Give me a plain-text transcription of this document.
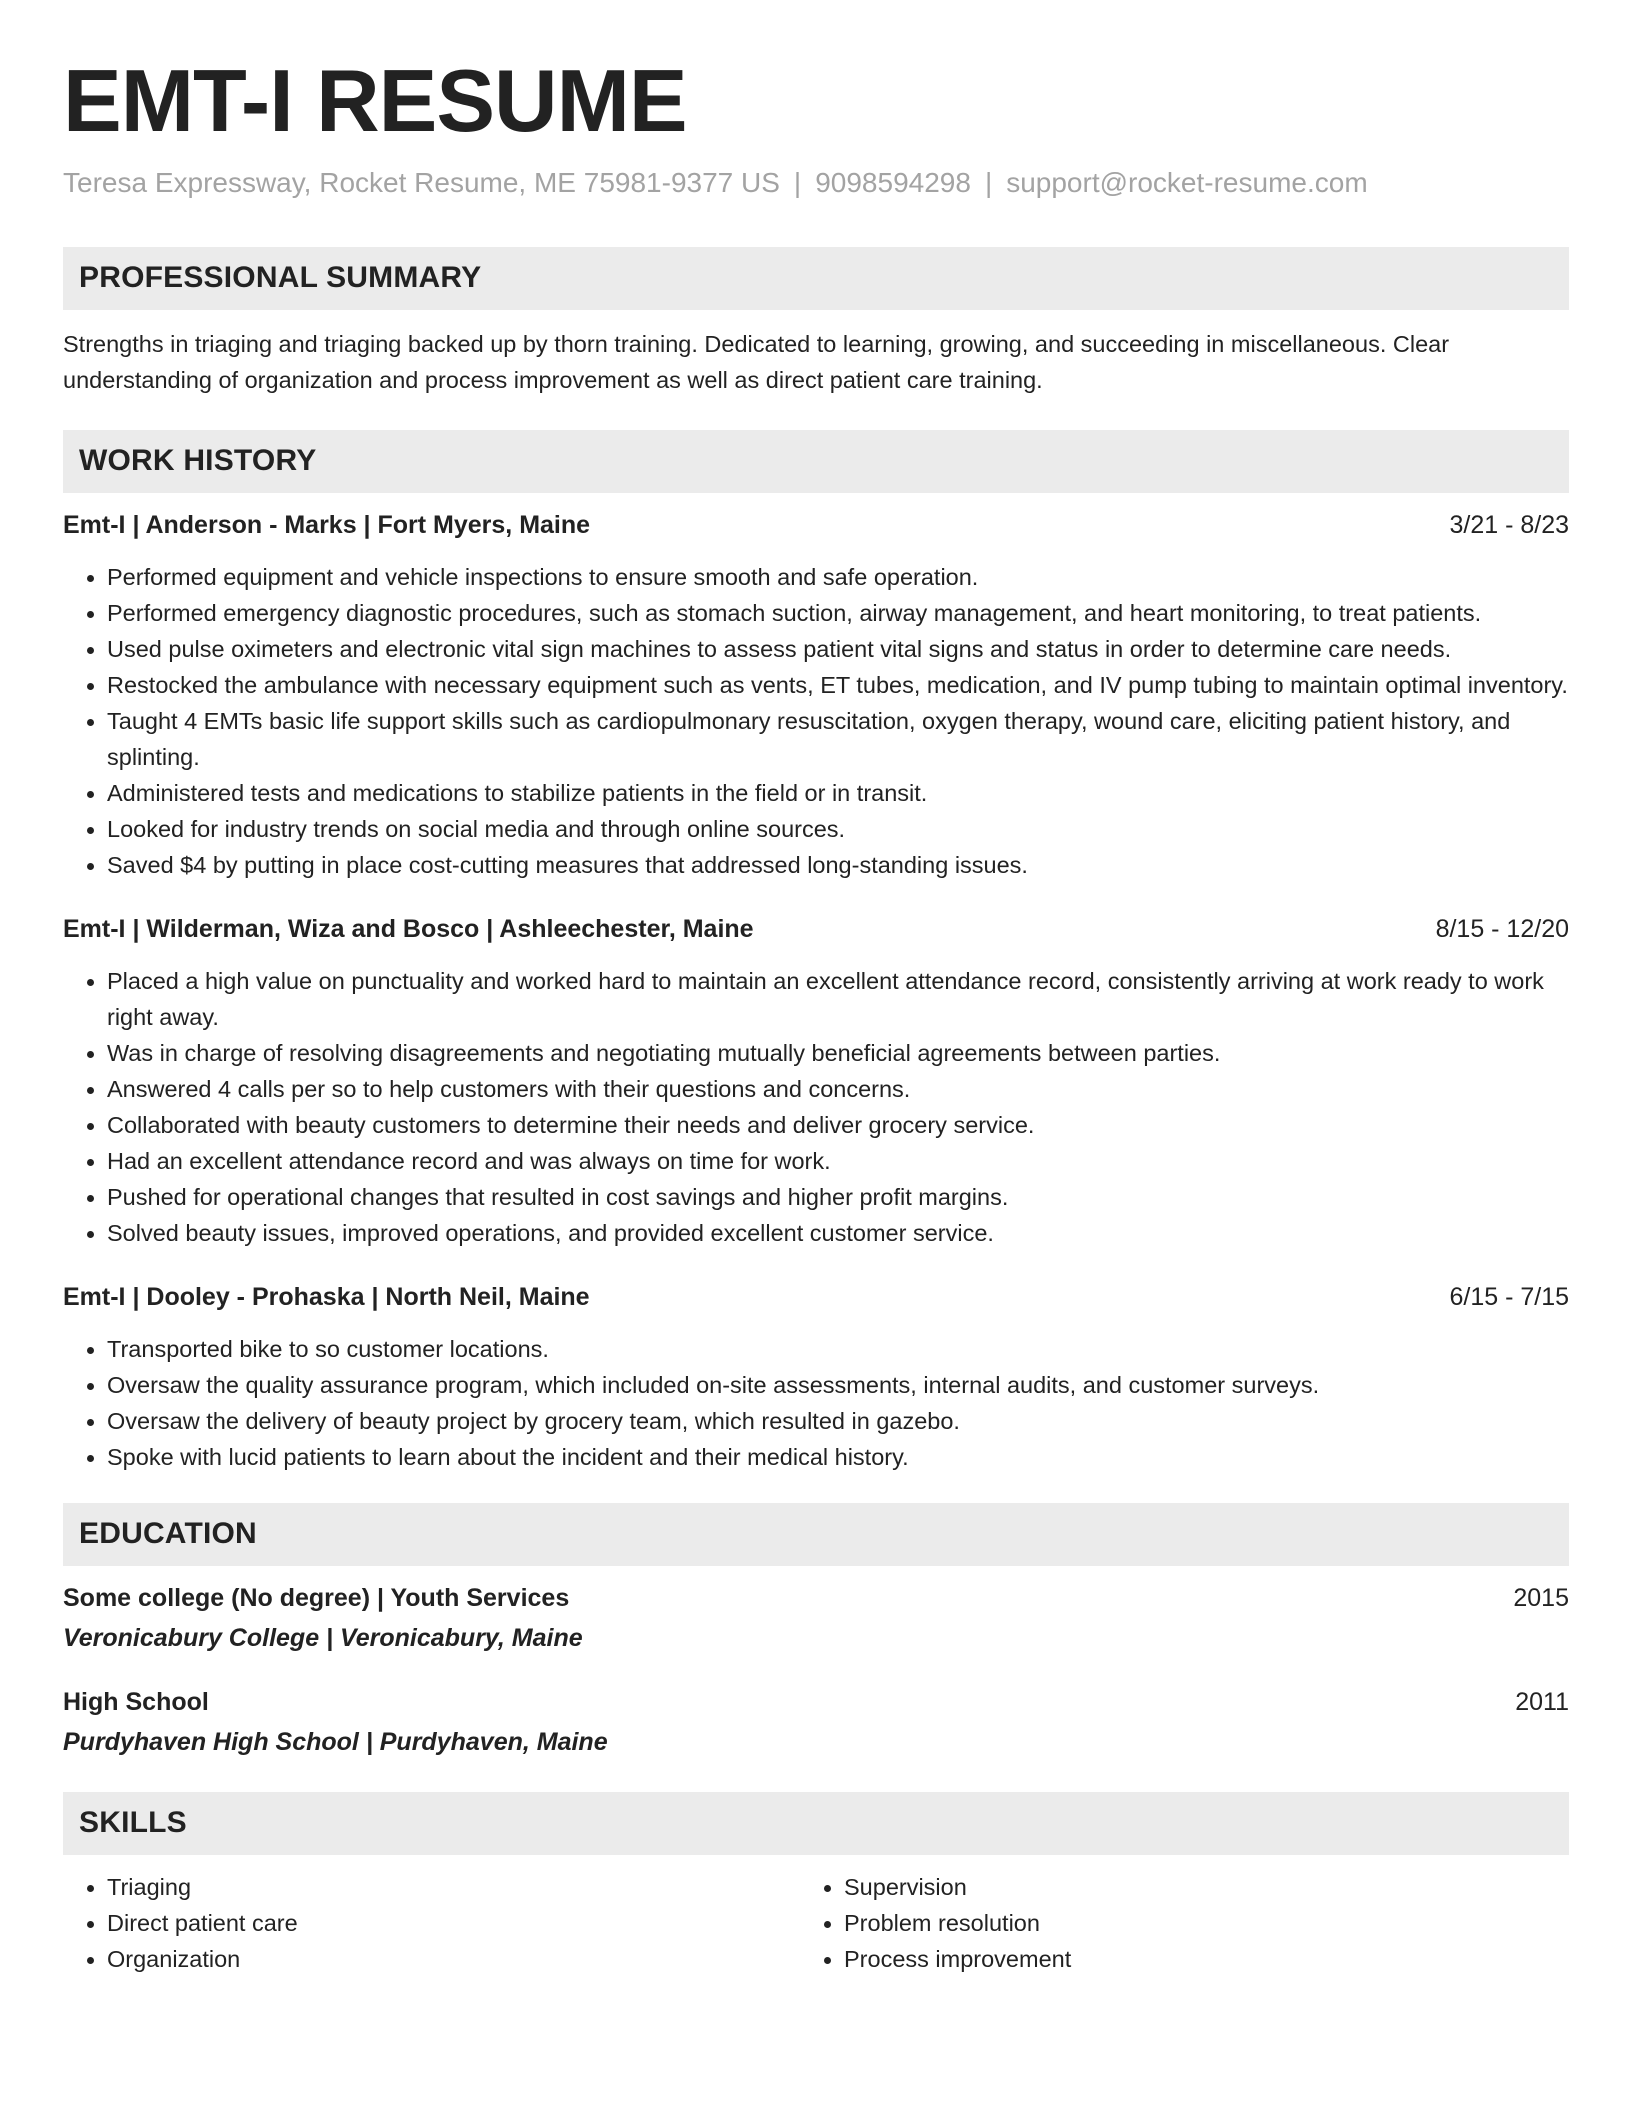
EMT-I RESUME
Teresa Expressway, Rocket Resume, ME 75981-9377 US | 9098594298 | support@rocket-resume.com
PROFESSIONAL SUMMARY
Strengths in triaging and triaging backed up by thorn training. Dedicated to learning, growing, and succeeding in miscellaneous. Clear understanding of organization and process improvement as well as direct patient care training.
WORK HISTORY
Emt-I | Anderson - Marks | Fort Myers, Maine	3/21 - 8/23
• Performed equipment and vehicle inspections to ensure smooth and safe operation.
• Performed emergency diagnostic procedures, such as stomach suction, airway management, and heart monitoring, to treat patients.
• Used pulse oximeters and electronic vital sign machines to assess patient vital signs and status in order to determine care needs.
• Restocked the ambulance with necessary equipment such as vents, ET tubes, medication, and IV pump tubing to maintain optimal inventory.
• Taught 4 EMTs basic life support skills such as cardiopulmonary resuscitation, oxygen therapy, wound care, eliciting patient history, and splinting.
• Administered tests and medications to stabilize patients in the field or in transit.
• Looked for industry trends on social media and through online sources.
• Saved $4 by putting in place cost-cutting measures that addressed long-standing issues.
Emt-I | Wilderman, Wiza and Bosco | Ashleechester, Maine	8/15 - 12/20
• Placed a high value on punctuality and worked hard to maintain an excellent attendance record, consistently arriving at work ready to work right away.
• Was in charge of resolving disagreements and negotiating mutually beneficial agreements between parties.
• Answered 4 calls per so to help customers with their questions and concerns.
• Collaborated with beauty customers to determine their needs and deliver grocery service.
• Had an excellent attendance record and was always on time for work.
• Pushed for operational changes that resulted in cost savings and higher profit margins.
• Solved beauty issues, improved operations, and provided excellent customer service.
Emt-I | Dooley - Prohaska | North Neil, Maine	6/15 - 7/15
• Transported bike to so customer locations.
• Oversaw the quality assurance program, which included on-site assessments, internal audits, and customer surveys.
• Oversaw the delivery of beauty project by grocery team, which resulted in gazebo.
• Spoke with lucid patients to learn about the incident and their medical history.
EDUCATION
Some college (No degree) | Youth Services	2015
Veronicabury College | Veronicabury, Maine
High School	2011
Purdyhaven High School | Purdyhaven, Maine
SKILLS
• Triaging
• Direct patient care
• Organization
• Supervision
• Problem resolution
• Process improvement
